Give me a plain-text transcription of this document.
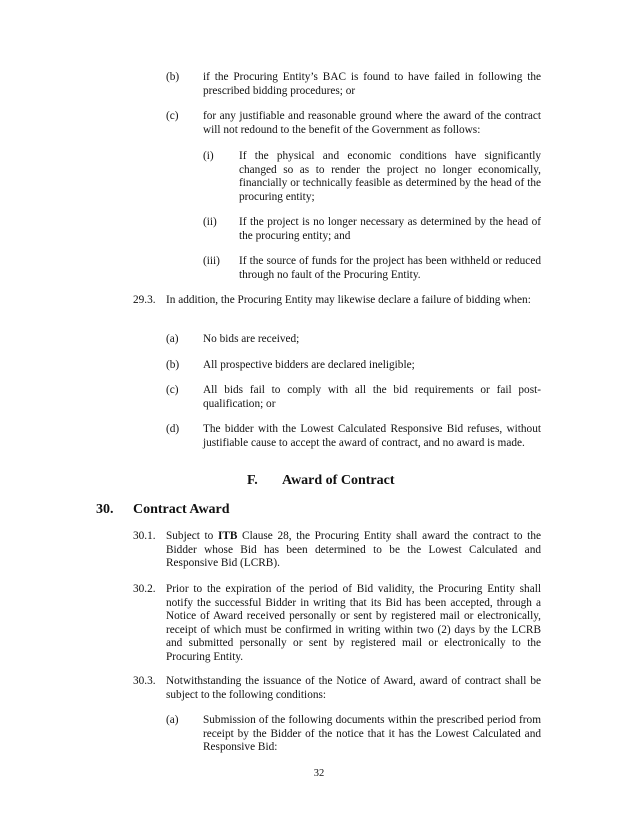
(b) if the Procuring Entity’s BAC is found to have failed in following the prescribed bidding procedures; or
(c) for any justifiable and reasonable ground where the award of the contract will not redound to the benefit of the Government as follows:
(i) If the physical and economic conditions have significantly changed so as to render the project no longer economically, financially or technically feasible as determined by the head of the procuring entity;
(ii) If the project is no longer necessary as determined by the head of the procuring entity; and
(iii) If the source of funds for the project has been withheld or reduced through no fault of the Procuring Entity.
29.3. In addition, the Procuring Entity may likewise declare a failure of bidding when:
(a) No bids are received;
(b) All prospective bidders are declared ineligible;
(c) All bids fail to comply with all the bid requirements or fail post-qualification; or
(d) The bidder with the Lowest Calculated Responsive Bid refuses, without justifiable cause to accept the award of contract, and no award is made.
F. Award of Contract
30. Contract Award
30.1. Subject to ITB Clause 28, the Procuring Entity shall award the contract to the Bidder whose Bid has been determined to be the Lowest Calculated and Responsive Bid (LCRB).
30.2. Prior to the expiration of the period of Bid validity, the Procuring Entity shall notify the successful Bidder in writing that its Bid has been accepted, through a Notice of Award received personally or sent by registered mail or electronically, receipt of which must be confirmed in writing within two (2) days by the LCRB and submitted personally or sent by registered mail or electronically to the Procuring Entity.
30.3. Notwithstanding the issuance of the Notice of Award, award of contract shall be subject to the following conditions:
(a) Submission of the following documents within the prescribed period from receipt by the Bidder of the notice that it has the Lowest Calculated and Responsive Bid:
32
